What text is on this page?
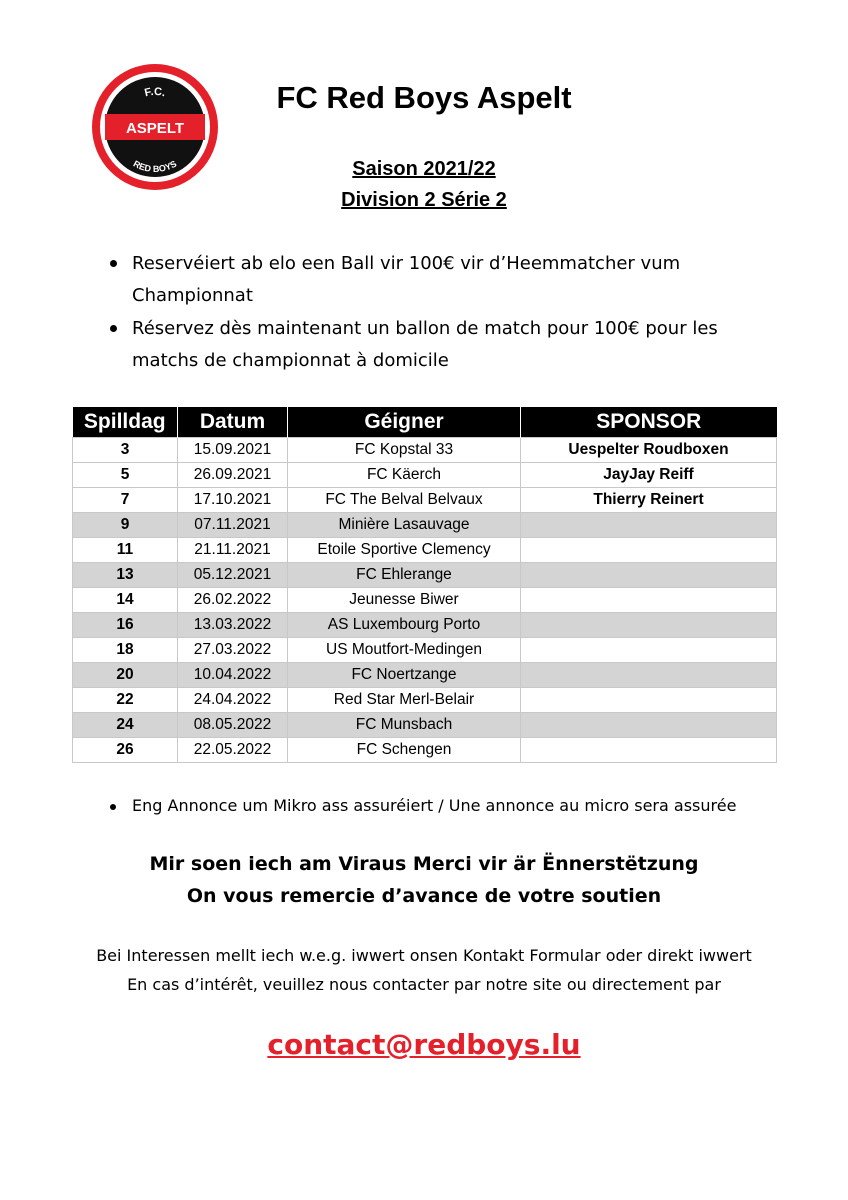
F.C.
ASPELT
RED BOYS
FC Red Boys Aspelt
Saison 2021/22
Division 2 Série 2
Reservéiert ab elo een Ball vir 100€ vir d’Heemmatcher vum Championnat
Réservez dès maintenant un ballon de match pour 100€ pour les matchs de championnat à domicile
Spilldag	Datum	Géigner	SPONSOR
3	15.09.2021	FC Kopstal 33	Uespelter Roudboxen
5	26.09.2021	FC Käerch	JayJay Reiff
7	17.10.2021	FC The Belval Belvaux	Thierry Reinert
9	07.11.2021	Minière Lasauvage	
11	21.11.2021	Etoile Sportive Clemency	
13	05.12.2021	FC Ehlerange	
14	26.02.2022	Jeunesse Biwer	
16	13.03.2022	AS Luxembourg Porto	
18	27.03.2022	US Moutfort-Medingen	
20	10.04.2022	FC Noertzange	
22	24.04.2022	Red Star Merl-Belair	
24	08.05.2022	FC Munsbach	
26	22.05.2022	FC Schengen	
Eng Annonce um Mikro ass assuréiert / Une annonce au micro sera assurée
Mir soen iech am Viraus Merci vir är Ënnerstëtzung
On vous remercie d’avance de votre soutien
Bei Interessen mellt iech w.e.g. iwwert onsen Kontakt Formular oder direkt iwwert
En cas d’intérêt, veuillez nous contacter par notre site ou directement par
contact@redboys.lu
